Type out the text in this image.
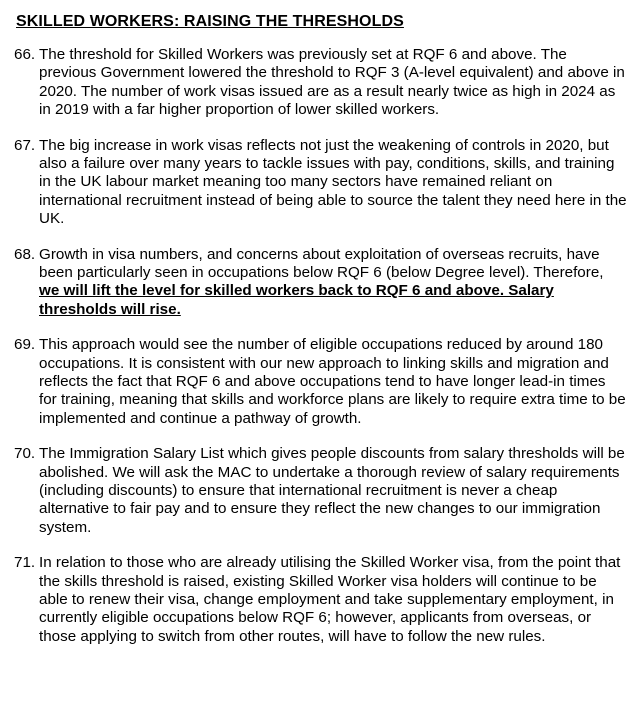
SKILLED WORKERS: RAISING THE THRESHOLDS
66. The threshold for Skilled Workers was previously set at RQF 6 and above. The previous Government lowered the threshold to RQF 3 (A-level equivalent) and above in 2020. The number of work visas issued are as a result nearly twice as high in 2024 as in 2019 with a far higher proportion of lower skilled workers.
67. The big increase in work visas reflects not just the weakening of controls in 2020, but also a failure over many years to tackle issues with pay, conditions, skills, and training in the UK labour market meaning too many sectors have remained reliant on international recruitment instead of being able to source the talent they need here in the UK.
68. Growth in visa numbers, and concerns about exploitation of overseas recruits, have been particularly seen in occupations below RQF 6 (below Degree level). Therefore, we will lift the level for skilled workers back to RQF 6 and above. Salary thresholds will rise.
69. This approach would see the number of eligible occupations reduced by around 180 occupations. It is consistent with our new approach to linking skills and migration and reflects the fact that RQF 6 and above occupations tend to have longer lead-in times for training, meaning that skills and workforce plans are likely to require extra time to be implemented and continue a pathway of growth.
70. The Immigration Salary List which gives people discounts from salary thresholds will be abolished. We will ask the MAC to undertake a thorough review of salary requirements (including discounts) to ensure that international recruitment is never a cheap alternative to fair pay and to ensure they reflect the new changes to our immigration system.
71. In relation to those who are already utilising the Skilled Worker visa, from the point that the skills threshold is raised, existing Skilled Worker visa holders will continue to be able to renew their visa, change employment and take supplementary employment, in currently eligible occupations below RQF 6; however, applicants from overseas, or those applying to switch from other routes, will have to follow the new rules.
